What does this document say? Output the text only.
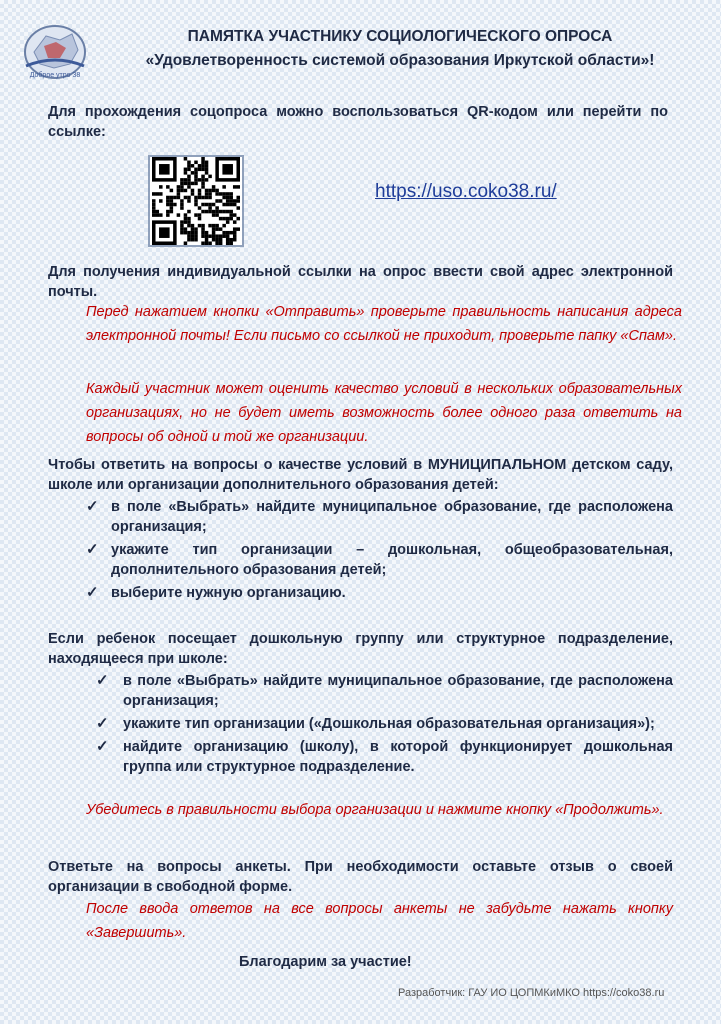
Доброе утро 38
ПАМЯТКА УЧАСТНИКУ СОЦИОЛОГИЧЕСКОГО ОПРОСА
«Удовлетворенность системой образования Иркутской области»!
Для прохождения соцопроса можно воспользоваться QR-кодом или перейти по ссылке:
https://uso.coko38.ru/
Для получения индивидуальной ссылки на опрос ввести свой адрес электронной почты.
Перед нажатием кнопки «Отправить» проверьте правильность написания адреса электронной почты! Если письмо со ссылкой не приходит, проверьте папку «Спам».
Каждый участник может оценить качество условий в нескольких образовательных организациях, но не будет иметь возможность более одного раза ответить на вопросы об одной и той же организации.
Чтобы ответить на вопросы о качестве условий в МУНИЦИПАЛЬНОМ детском саду, школе или организации дополнительного образования детей:
✓ в поле «Выбрать» найдите муниципальное образование, где расположена организация;
✓ укажите тип организации – дошкольная, общеобразовательная, дополнительного образования детей;
✓ выберите нужную организацию.
Если ребенок посещает дошкольную группу или структурное подразделение, находящееся при школе:
✓ в поле «Выбрать» найдите муниципальное образование, где расположена организация;
✓ укажите тип организации («Дошкольная образовательная организация»);
✓ найдите организацию (школу), в которой функционирует дошкольная группа или структурное подразделение.
Убедитесь в правильности выбора организации и нажмите кнопку «Продолжить».
Ответьте на вопросы анкеты. При необходимости оставьте отзыв о своей организации в свободной форме.
После ввода ответов на все вопросы анкеты не забудьте нажать кнопку «Завершить».
Благодарим за участие!
Разработчик: ГАУ ИО ЦОПМКиМКО https://coko38.ru
